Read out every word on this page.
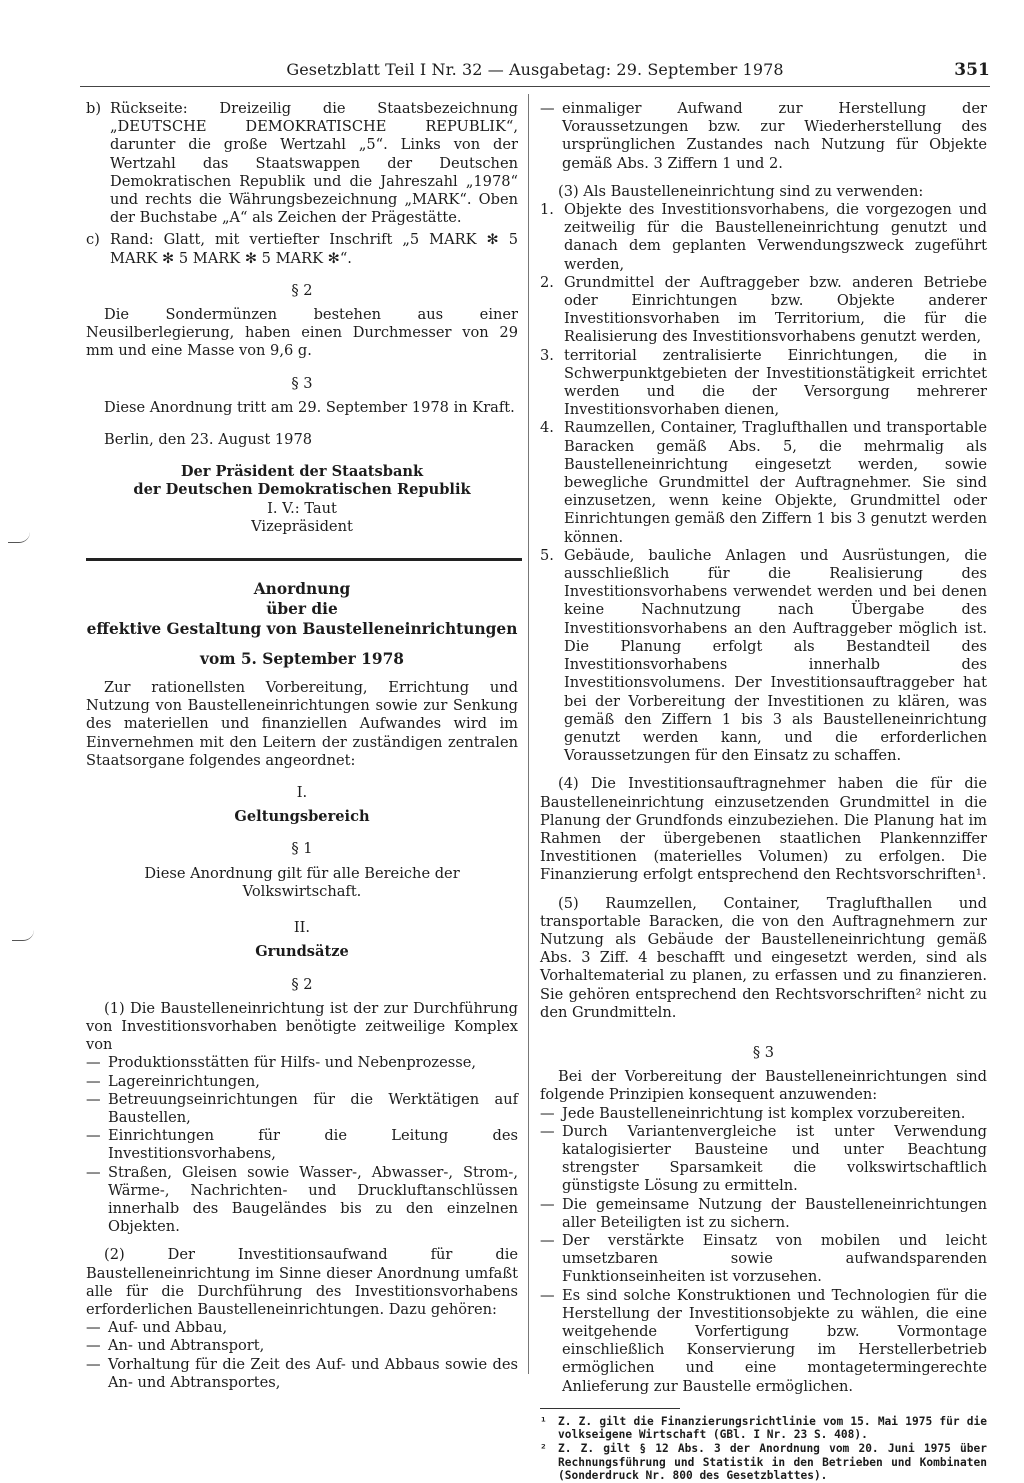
Gesetzblatt Teil I Nr. 32 — Ausgabetag: 29. September 1978	351
b) Rückseite: Dreizeilig die Staatsbezeichnung „DEUTSCHE DEMOKRATISCHE REPUBLIK“, darunter die große Wertzahl „5“. Links von der Wertzahl das Staatswappen der Deutschen Demokratischen Republik und die Jahreszahl „1978“ und rechts die Währungsbezeichnung „MARK“. Oben der Buchstabe „A“ als Zeichen der Prägestätte.

c) Rand: Glatt, mit vertiefter Inschrift „5 MARK ✻ 5 MARK ✻ 5 MARK ✻ 5 MARK ✻“.

§ 2

Die Sondermünzen bestehen aus einer Neusilberlegierung, haben einen Durchmesser von 29 mm und eine Masse von 9,6 g.

§ 3

Diese Anordnung tritt am 29. September 1978 in Kraft.

Berlin, den 23. August 1978

Der Präsident der Staatsbank
der Deutschen Demokratischen Republik
I. V.: Taut
Vizepräsident
Anordnung
über die
effektive Gestaltung von Baustelleneinrichtungen
vom 5. September 1978

Zur rationellsten Vorbereitung, Errichtung und Nutzung von Baustelleneinrichtungen sowie zur Senkung des materiellen und finanziellen Aufwandes wird im Einvernehmen mit den Leitern der zuständigen zentralen Staatsorgane folgendes angeordnet:

I.
Geltungsbereich
§ 1

Diese Anordnung gilt für alle Bereiche der Volkswirtschaft.

II.
Grundsätze
§ 2

(1) Die Baustelleneinrichtung ist der zur Durchführung von Investitionsvorhaben benötigte zeitweilige Komplex von

— Produktionsstätten für Hilfs- und Nebenprozesse,
— Lagereinrichtungen,
— Betreuungseinrichtungen für die Werktätigen auf Baustellen,
— Einrichtungen für die Leitung des Investitionsvorhabens,
— Straßen, Gleisen sowie Wasser-, Abwasser-, Strom-, Wärme-, Nachrichten- und Druckluftanschlüssen innerhalb des Baugeländes bis zu den einzelnen Objekten.

(2) Der Investitionsaufwand für die Baustelleneinrichtung im Sinne dieser Anordnung umfaßt alle für die Durchführung des Investitionsvorhabens erforderlichen Baustelleneinrichtungen. Dazu gehören:

— Auf- und Abbau,
— An- und Abtransport,
— Vorhaltung für die Zeit des Auf- und Abbaus sowie des An- und Abtransportes,
— einmaliger Aufwand zur Herstellung der Voraussetzungen bzw. zur Wiederherstellung des ursprünglichen Zustandes nach Nutzung für Objekte gemäß Abs. 3 Ziffern 1 und 2.

(3) Als Baustelleneinrichtung sind zu verwenden:

1. Objekte des Investitionsvorhabens, die vorgezogen und zeitweilig für die Baustelleneinrichtung genutzt und danach dem geplanten Verwendungszweck zugeführt werden,
2. Grundmittel der Auftraggeber bzw. anderen Betriebe oder Einrichtungen bzw. Objekte anderer Investitionsvorhaben im Territorium, die für die Realisierung des Investitionsvorhabens genutzt werden,
3. territorial zentralisierte Einrichtungen, die in Schwerpunktgebieten der Investitionstätigkeit errichtet werden und die der Versorgung mehrerer Investitionsvorhaben dienen,
4. Raumzellen, Container, Traglufthallen und transportable Baracken gemäß Abs. 5, die mehrmalig als Baustelleneinrichtung eingesetzt werden, sowie bewegliche Grundmittel der Auftragnehmer. Sie sind einzusetzen, wenn keine Objekte, Grundmittel oder Einrichtungen gemäß den Ziffern 1 bis 3 genutzt werden können.
5. Gebäude, bauliche Anlagen und Ausrüstungen, die ausschließlich für die Realisierung des Investitionsvorhabens verwendet werden und bei denen keine Nachnutzung nach Übergabe des Investitionsvorhabens an den Auftraggeber möglich ist. Die Planung erfolgt als Bestandteil des Investitionsvorhabens innerhalb des Investitionsvolumens. Der Investitionsauftraggeber hat bei der Vorbereitung der Investitionen zu klären, was gemäß den Ziffern 1 bis 3 als Baustelleneinrichtung genutzt werden kann, und die erforderlichen Voraussetzungen für den Einsatz zu schaffen.

(4) Die Investitionsauftragnehmer haben die für die Baustelleneinrichtung einzusetzenden Grundmittel in die Planung der Grundfonds einzubeziehen. Die Planung hat im Rahmen der übergebenen staatlichen Plankennziffer Investitionen (materielles Volumen) zu erfolgen. Die Finanzierung erfolgt entsprechend den Rechtsvorschriften¹.

(5) Raumzellen, Container, Traglufthallen und transportable Baracken, die von den Auftragnehmern zur Nutzung als Gebäude der Baustelleneinrichtung gemäß Abs. 3 Ziff. 4 beschafft und eingesetzt werden, sind als Vorhaltematerial zu planen, zu erfassen und zu finanzieren. Sie gehören entsprechend den Rechtsvorschriften² nicht zu den Grundmitteln.

§ 3

Bei der Vorbereitung der Baustelleneinrichtungen sind folgende Prinzipien konsequent anzuwenden:

— Jede Baustelleneinrichtung ist komplex vorzubereiten.
— Durch Variantenvergleiche ist unter Verwendung katalogisierter Bausteine und unter Beachtung strengster Sparsamkeit die volkswirtschaftlich günstigste Lösung zu ermitteln.
— Die gemeinsame Nutzung der Baustelleneinrichtungen aller Beteiligten ist zu sichern.
— Der verstärkte Einsatz von mobilen und leicht umsetzbaren sowie aufwandsparenden Funktionseinheiten ist vorzusehen.
— Es sind solche Konstruktionen und Technologien für die Herstellung der Investitionsobjekte zu wählen, die eine weitgehende Vorfertigung bzw. Vormontage einschließlich Konservierung im Herstellerbetrieb ermöglichen und eine montagetermingerechte Anlieferung zur Baustelle ermöglichen.
¹	Z. Z. gilt die Finanzierungsrichtlinie vom 15. Mai 1975 für die volkseigene Wirtschaft (GBl. I Nr. 23 S. 408).
²	Z. Z. gilt § 12 Abs. 3 der Anordnung vom 20. Juni 1975 über Rechnungsführung und Statistik in den Betrieben und Kombinaten (Sonderdruck Nr. 800 des Gesetzblattes).
